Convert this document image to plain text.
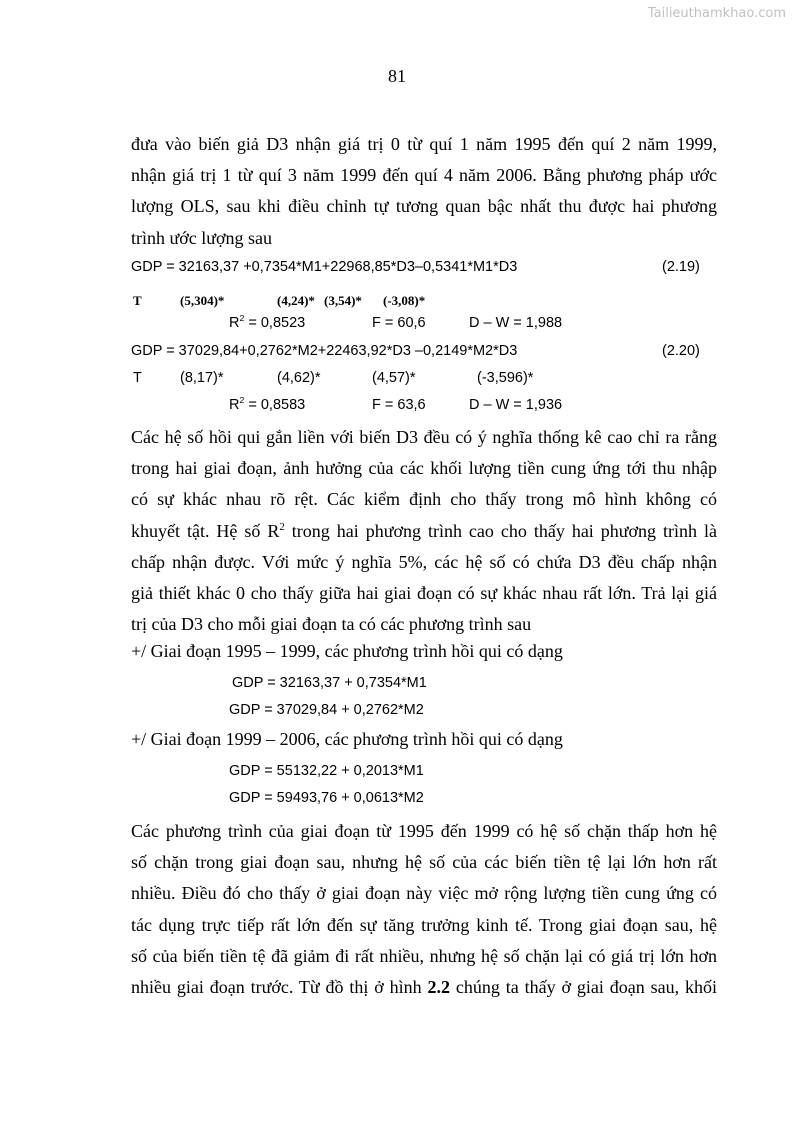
Tailieuthamkhao.com
81
đưa vào biến giả D3 nhận giá trị 0 từ quí 1 năm 1995 đến quí 2 năm 1999,
nhận giá trị 1 từ quí 3 năm 1999 đến quí 4 năm 2006. Bằng phương pháp ước
lượng OLS, sau khi điều chỉnh tự tương quan bậc nhất thu được hai phương
trình ước lượng sau
GDP = 32163,37 +0,7354*M1+22968,85*D3–0,5341*M1*D3	(2.19)
T	(5,304)*	(4,24)* (3,54)* (-3,08)*
$R^2 = 0,8523$	F = 60,6	D – W = 1,988
GDP = 37029,84+0,2762*M2+22463,92*D3 –0,2149*M2*D3	(2.20)
T	(8,17)*	(4,62)*	(4,57)*	(-3,596)*
$R^2 = 0,8583$	F = 63,6	D – W = 1,936
Các hệ số hồi qui gắn liền với biến D3 đều có ý nghĩa thống kê cao chỉ ra rằng
trong hai giai đoạn, ảnh hưởng của các khối lượng tiền cung ứng tới thu nhập
có sự khác nhau rõ rệt. Các kiểm định cho thấy trong mô hình không có
khuyết tật. Hệ số $R^2$ trong hai phương trình cao cho thấy hai phương trình là
chấp nhận được. Với mức ý nghĩa 5%, các hệ số có chứa D3 đều chấp nhận
giả thiết khác 0 cho thấy giữa hai giai đoạn có sự khác nhau rất lớn. Trả lại giá
trị của D3 cho mỗi giai đoạn ta có các phương trình sau
+/ Giai đoạn 1995 – 1999, các phương trình hồi qui có dạng
GDP = 32163,37 + 0,7354*M1
GDP = 37029,84 + 0,2762*M2
+/ Giai đoạn 1999 – 2006, các phương trình hồi qui có dạng
GDP = 55132,22 + 0,2013*M1
GDP = 59493,76 + 0,0613*M2
Các phương trình của giai đoạn từ 1995 đến 1999 có hệ số chặn thấp hơn hệ
số chặn trong giai đoạn sau, nhưng hệ số của các biến tiền tệ lại lớn hơn rất
nhiều. Điều đó cho thấy ở giai đoạn này việc mở rộng lượng tiền cung ứng có
tác dụng trực tiếp rất lớn đến sự tăng trưởng kinh tế. Trong giai đoạn sau, hệ
số của biến tiền tệ đã giảm đi rất nhiều, nhưng hệ số chặn lại có giá trị lớn hơn
nhiều giai đoạn trước. Từ đồ thị ở hình 2.2 chúng ta thấy ở giai đoạn sau, khối
